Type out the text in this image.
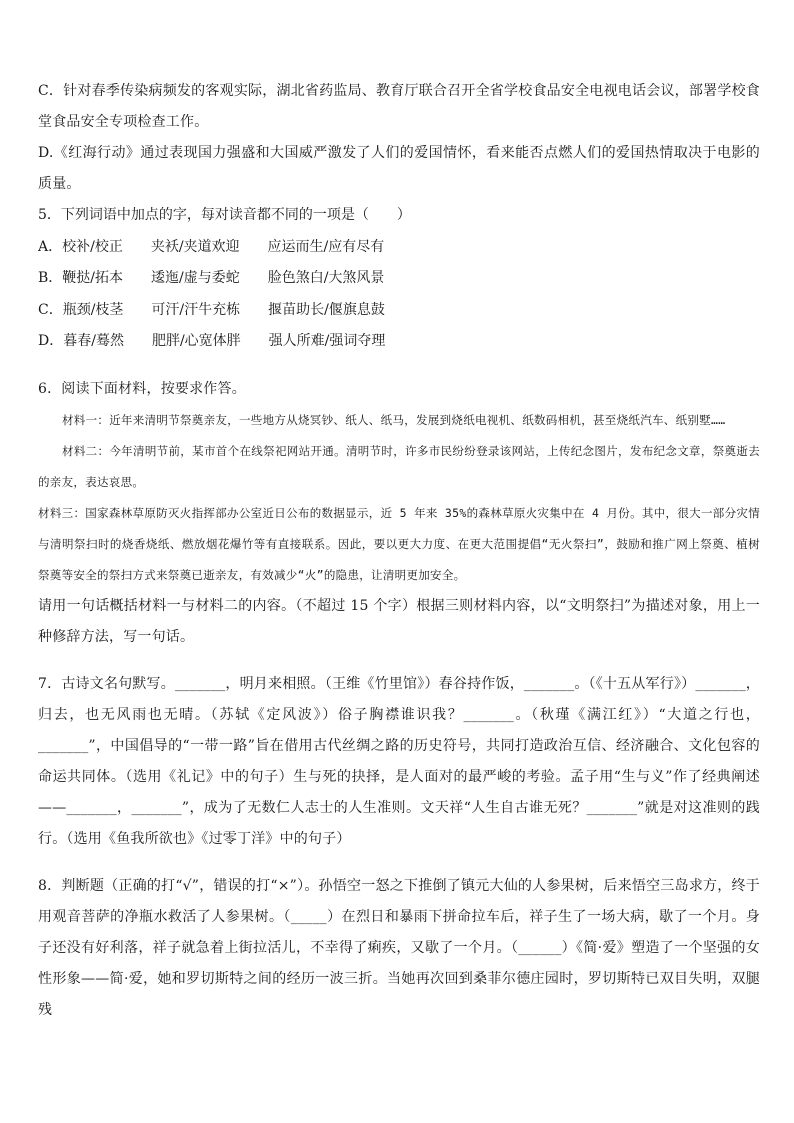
C．针对春季传染病频发的客观实际，湖北省药监局、教育厅联合召开全省学校食品安全电视电话会议，部署学校食堂食品安全专项检查工作。

D.《红海行动》通过表现国力强盛和大国威严激发了人们的爱国情怀，看来能否点燃人们的爱国热情取决于电影的质量。

5．下列词语中加点的字，每对读音都不同的一项是（　　）

A．校补/校正　　夹袄/夹道欢迎　　应运而生/应有尽有

B．鞭挞/拓本　　逶迤/虚与委蛇　　脸色煞白/大煞风景

C．瓶颈/枝茎　　可汗/汗牛充栋　　揠苗助长/偃旗息鼓

D．暮春/蓦然　　肥胖/心宽体胖　　强人所难/强词夺理

6．阅读下面材料，按要求作答。

材料一：近年来清明节祭奠亲友，一些地方从烧冥钞、纸人、纸马，发展到烧纸电视机、纸数码相机，甚至烧纸汽车、纸别墅……

材料二：今年清明节前，某市首个在线祭祀网站开通。清明节时，许多市民纷纷登录该网站，上传纪念图片，发布纪念文章，祭奠逝去的亲友，表达哀思。

材料三：国家森林草原防灭火指挥部办公室近日公布的数据显示，近 5 年来 35%的森林草原火灾集中在 4 月份。其中，很大一部分灾情与清明祭扫时的烧香烧纸、燃放烟花爆竹等有直接联系。因此，要以更大力度、在更大范围提倡“无火祭扫”，鼓励和推广网上祭奠、植树祭奠等安全的祭扫方式来祭奠已逝亲友，有效减少“火”的隐患，让清明更加安全。

请用一句话概括材料一与材料二的内容。（不超过 15 个字）根据三则材料内容，以“文明祭扫”为描述对象，用上一种修辞方法，写一句话。

7．古诗文名句默写。_______，明月来相照。（王维《竹里馆》）春谷持作饭，_______。（《十五从军行》）_______，归去，也无风雨也无晴。（苏轼《定风波》）俗子胸襟谁识我？_______。（秋瑾《满江红》）“大道之行也，_______”，中国倡导的“一带一路”旨在借用古代丝绸之路的历史符号，共同打造政治互信、经济融合、文化包容的命运共同体。（选用《礼记》中的句子）生与死的抉择，是人面对的最严峻的考验。孟子用“生与义”作了经典阐述——_______，_______”，成为了无数仁人志士的人生准则。文天祥“人生自古谁无死？_______”就是对这准则的践行。（选用《鱼我所欲也》《过零丁洋》中的句子）

8．判断题（正确的打“√”，错误的打“×”）。孙悟空一怒之下推倒了镇元大仙的人参果树，后来悟空三岛求方，终于用观音菩萨的净瓶水救活了人参果树。（_____）在烈日和暴雨下拼命拉车后，祥子生了一场大病，歇了一个月。身子还没有好利落，祥子就急着上街拉活儿，不幸得了痢疾，又歇了一个月。（______）《简·爱》塑造了一个坚强的女性形象——简·爱，她和罗切斯特之间的经历一波三折。当她再次回到桑菲尔德庄园时，罗切斯特已双目失明，双腿残
